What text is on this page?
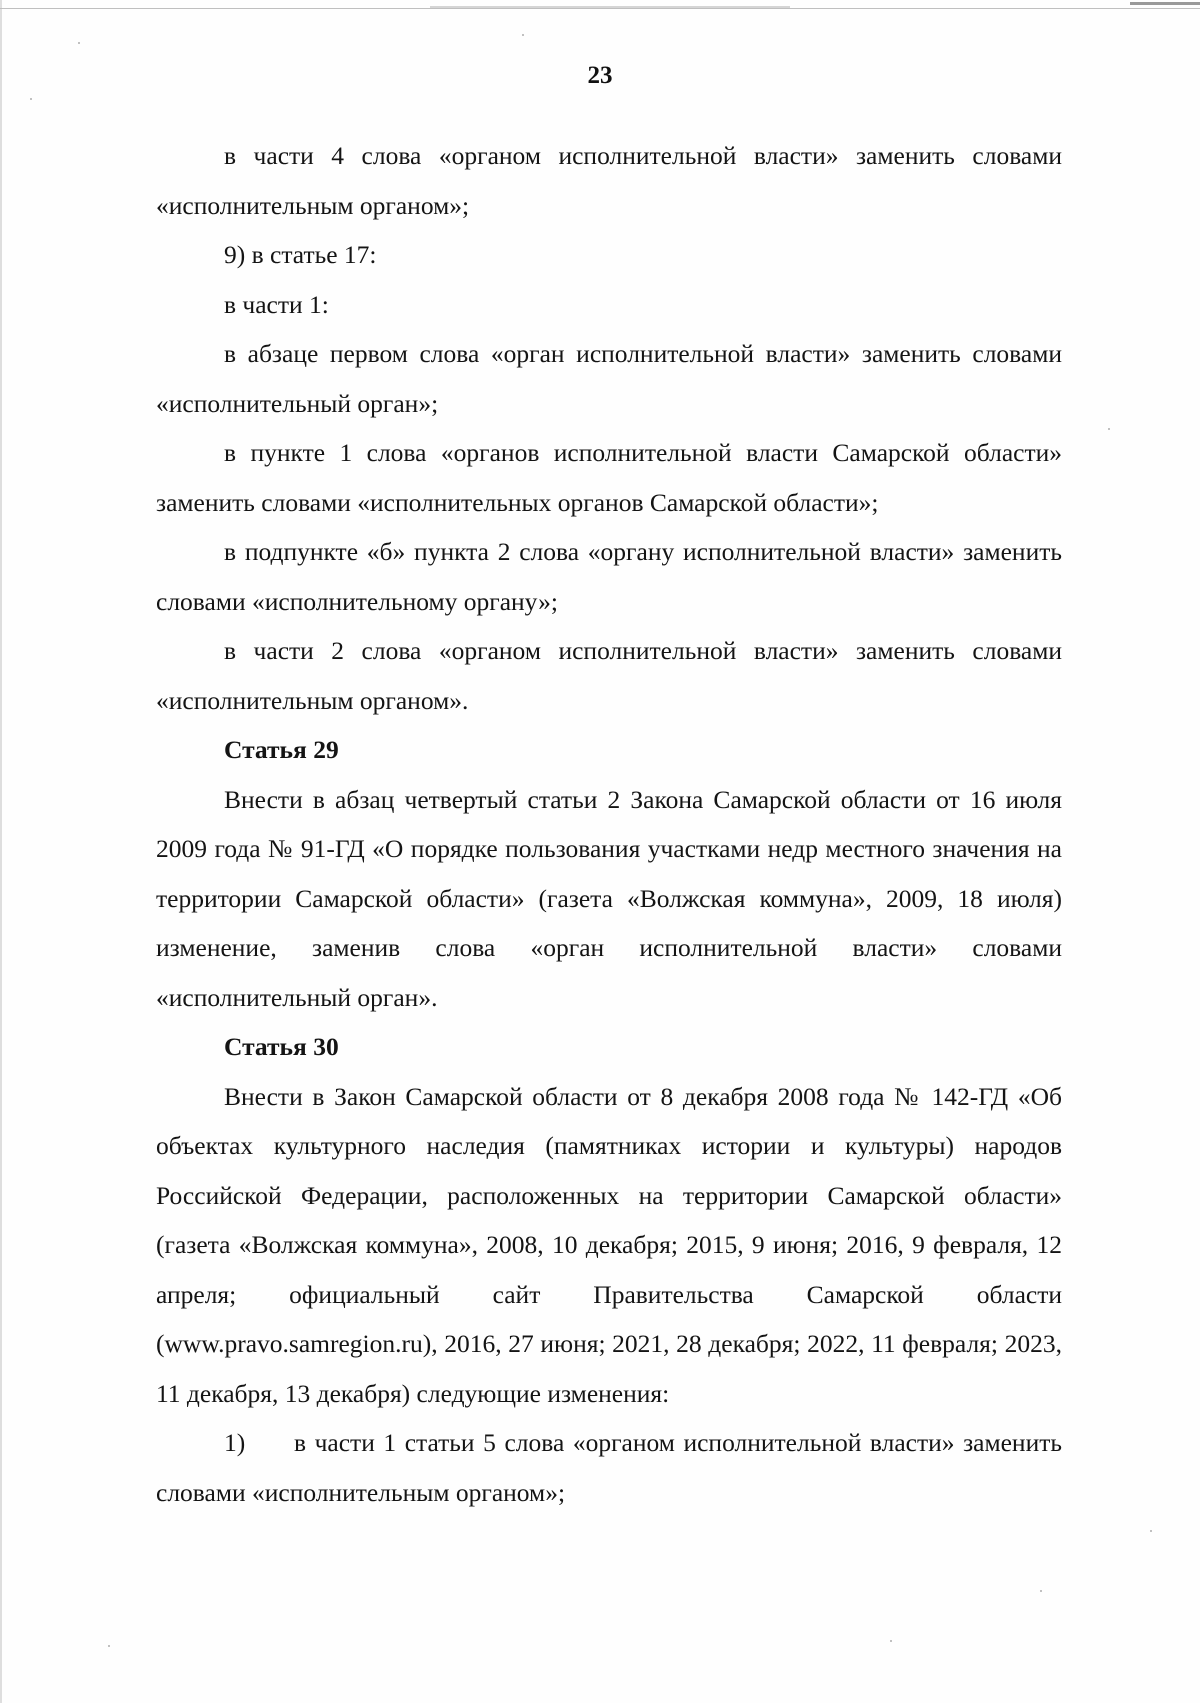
23

в части 4 слова «органом исполнительной власти» заменить словами «исполнительным органом»;

9) в статье 17:

в части 1:

в абзаце первом слова «орган исполнительной власти» заменить словами «исполнительный орган»;

в пункте 1 слова «органов исполнительной власти Самарской области» заменить словами «исполнительных органов Самарской области»;

в подпункте «б» пункта 2 слова «органу исполнительной власти» заменить словами «исполнительному органу»;

в части 2 слова «органом исполнительной власти» заменить словами «исполнительным органом».

Статья 29

Внести в абзац четвертый статьи 2 Закона Самарской области от 16 июля 2009 года № 91-ГД «О порядке пользования участками недр местного значения на территории Самарской области» (газета «Волжская коммуна», 2009, 18 июля) изменение, заменив слова «орган исполнительной власти» словами «исполнительный орган».

Статья 30

Внести в Закон Самарской области от 8 декабря 2008 года № 142-ГД «Об объектах культурного наследия (памятниках истории и культуры) народов Российской Федерации, расположенных на территории Самарской области» (газета «Волжская коммуна», 2008, 10 декабря; 2015, 9 июня; 2016, 9 февраля, 12 апреля; официальный сайт Правительства Самарской области (www.pravo.samregion.ru), 2016, 27 июня; 2021, 28 декабря; 2022, 11 февраля; 2023, 11 декабря, 13 декабря) следующие изменения:

1) в части 1 статьи 5 слова «органом исполнительной власти» заменить словами «исполнительным органом»;
